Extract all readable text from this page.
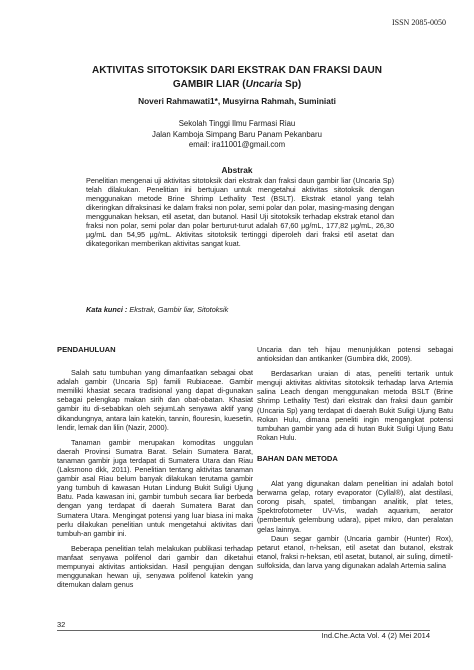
ISSN 2085-0050
AKTIVITAS SITOTOKSIK DARI EKSTRAK DAN FRAKSI DAUN
GAMBIR LIAR (Uncaria Sp)
Noveri Rahmawati1*, Musyirna Rahmah, Suminiati
Sekolah Tinggi Ilmu Farmasi Riau
Jalan Kamboja Simpang Baru Panam Pekanbaru
email: ira11001@gmail.com
Abstrak
Penelitian mengenai uji aktivitas sitotoksik dari ekstrak dan fraksi daun gambir liar (Uncaria Sp) telah dilakukan. Penelitian ini bertujuan untuk mengetahui aktivitas sitotoksik dengan menggunakan metode Brine Shrimp Lethality Test (BSLT). Ekstrak etanol yang telah dikeringkan difraksinasi ke dalam fraksi non polar, semi polar dan polar, masing-masing dengan menggunakan heksan, etil asetat, dan butanol. Hasil Uji sitotoksik terhadap ekstrak etanol dan fraksi non polar, semi polar dan polar berturut-turut adalah 67,60 µg/mL, 177,82 µg/mL, 26,30 µg/mL dan 54,95 µg/mL. Aktivitas sitotoksik tertinggi diperoleh dari fraksi etil asetat dan dikategorikan memberikan aktivitas sangat kuat.
Kata kunci : Ekstrak, Gambir liar, Sitotoksik
PENDAHULUAN

Salah satu tumbuhan yang dimanfaatkan sebagai obat adalah gambir (Uncaria Sp) famili Rubiaceae. Gambir memiliki khasiat secara tradisional yang dapat di-gunakan sebagai pelengkap makan sirih dan obat-obatan. Khasiat gambir itu di-sebabkan oleh sejumLah senyawa aktif yang dikandungnya, antara lain katekin, tannin, flouresin, kuesetin, lendir, lemak dan lilin (Nazir, 2000).

Tanaman gambir merupakan komoditas unggulan daerah Provinsi Sumatra Barat. Selain Sumatera Barat, tanaman gambir juga terdapat di Sumatera Utara dan Riau (Laksmono dkk, 2011). Penelitian tentang aktivitas tanaman gambir asal Riau belum banyak dilakukan terutama gambir yang tumbuh di kawasan Hutan Lindung Bukit Suligi Ujung Batu. Pada kawasan ini, gambir tumbuh secara liar berbeda dengan yang terdapat di daerah Sumatera Barat dan Sumatera Utara. Mengingat potensi yang luar biasa ini maka perlu dilakukan penelitian untuk mengetahui aktivitas dari tumbuh-an gambir ini.

Beberapa penelitian telah melakukan publikasi terhadap manfaat senyawa polifenol dari gambir dan diketahui mempunyai aktivitas antioksidan. Hasil pengujian dengan menggunakan hewan uji, senyawa polifenol katekin yang ditemukan dalam genus

Uncaria dan teh hijau menunjukkan potensi sebagai antioksidan dan antikanker (Gumbira dkk, 2009).

Berdasarkan uraian di atas, peneliti tertarik untuk menguji aktivitas aktivitas sitotoksik terhadap larva Artemia salina Leach dengan menggunakan metoda BSLT (Brine Shrimp Lethality Test) dari ekstrak dan fraksi daun gambir (Uncaria Sp) yang terdapat di daerah Bukit Suligi Ujung Batu Rokan Hulu, dimana peneliti ingin mengangkat potensi tumbuhan gambir yang ada di hutan Bukit Suligi Ujung Batu Rokan Hulu.

BAHAN DAN METODA

Alat yang digunakan dalam penelitian ini adalah botol berwarna gelap, rotary evaporator (Cyllal®), alat destilasi, corong pisah, spatel, timbangan analitik, plat tetes, Spektrofotometer UV-Vis, wadah aquarium, aerator (pembentuk gelembung udara), pipet mikro, dan peralatan gelas lainnya.

Daun segar gambir (Uncaria gambir (Hunter) Rox), petarut etanol, n-heksan, etil asetat dan butanol, ekstrak etanol, fraksi n-heksan, etil asetat, butanol, air suling, dimetil-sulfoksida, dan larva yang digunakan adalah Artemia salina

32
Ind.Che.Acta Vol. 4 (2) Mei 2014
